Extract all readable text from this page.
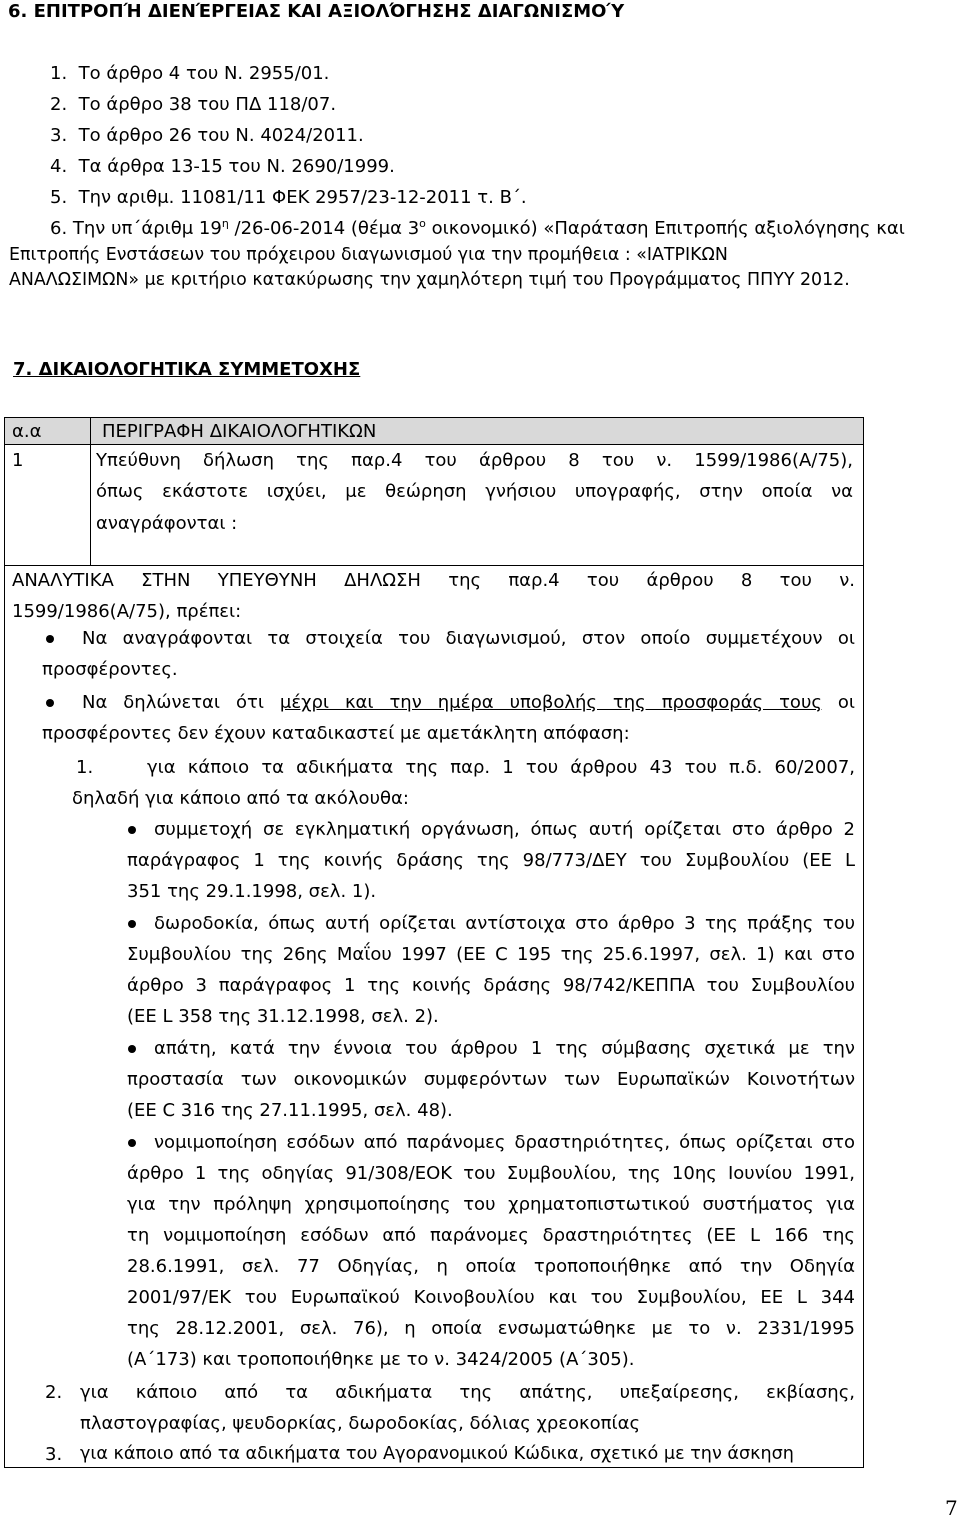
6. ΕΠΙΤΡΟΠΉ ΔΙΕΝΈΡΓΕΙΑΣ ΚΑΙ ΑΞΙΟΛΌΓΗΣΗΣ ΔΙΑΓΩΝΙΣΜΟΎ
1.  Το άρθρο 4 του Ν. 2955/01.
2.  Το άρθρο 38 του ΠΔ 118/07.
3.  Το άρθρο 26 του Ν. 4024/2011.
4.  Τα άρθρα 13-15 του Ν. 2690/1999.
5.  Την αριθμ. 11081/11 ΦΕΚ 2957/23-12-2011 τ. Β΄.
6. Την υπ΄άριθμ $19^\eta$ /26-06-2014 (θέμα $3^o$ οικονομικό) «Παράταση Επιτροπής αξιολόγησης και
Επιτροπής Ενστάσεων του πρόχειρου διαγωνισμού για την προμήθεια : «ΙΑΤΡΙΚΩΝ
ΑΝΑΛΩΣΙΜΩΝ» με κριτήριο κατακύρωσης την χαμηλότερη τιμή του Προγράμματος ΠΠΥΥ 2012.
7. ΔΙΚΑΙΟΛΟΓΗΤΙΚΑ ΣΥΜΜΕΤΟΧΗΣ
α.α	ΠΕΡΙΓΡΑΦΗ ΔΙΚΑΙΟΛΟΓΗΤΙΚΩΝ
1	Υπεύθυνη δήλωση της παρ.4 του άρθρου 8 του ν. 1599/1986(Α/75),
όπως εκάστοτε ισχύει, με θεώρηση γνήσιου υπογραφής, στην οποία να
αναγράφονται :
ΑΝΑΛΥΤΙΚΑ ΣΤΗΝ ΥΠΕΥΘΥΝΗ ΔΗΛΩΣΗ της παρ.4 του άρθρου 8 του ν.
1599/1986(Α/75), πρέπει:
Να αναγράφονται τα στοιχεία του διαγωνισμού, στον οποίο συμμετέχουν οι
προσφέροντες.
Να δηλώνεται ότι μέχρι και την ημέρα υποβολής της προσφοράς τους οι
προσφέροντες δεν έχουν καταδικαστεί με αμετάκλητη απόφαση:
1.	για κάποιο τα αδικήματα της παρ. 1 του άρθρου 43 του π.δ. 60/2007,
δηλαδή για κάποιο από τα ακόλουθα:
συμμετοχή σε εγκληματική οργάνωση, όπως αυτή ορίζεται στο άρθρο 2
παράγραφος 1 της κοινής δράσης της 98/773/ΔΕΥ του Συμβουλίου (ΕΕ L
351 της 29.1.1998, σελ. 1).
δωροδοκία, όπως αυτή ορίζεται αντίστοιχα στο άρθρο 3 της πράξης του
Συμβουλίου της 26ης Μαΐου 1997 (ΕΕ C 195 της 25.6.1997, σελ. 1) και στο
άρθρο 3 παράγραφος 1 της κοινής δράσης 98/742/ΚΕΠΠΑ του Συμβουλίου
(ΕΕ L 358 της 31.12.1998, σελ. 2).
απάτη, κατά την έννοια του άρθρου 1 της σύμβασης σχετικά με την
προστασία των οικονομικών συμφερόντων των Ευρωπαϊκών Κοινοτήτων
(ΕΕ C 316 της 27.11.1995, σελ. 48).
νομιμοποίηση εσόδων από παράνομες δραστηριότητες, όπως ορίζεται στο
άρθρο 1 της οδηγίας 91/308/ΕΟΚ του Συμβουλίου, της 10ης Ιουνίου 1991,
για την πρόληψη χρησιμοποίησης του χρηματοπιστωτικού συστήματος για
τη νομιμοποίηση εσόδων από παράνομες δραστηριότητες (ΕΕ L 166 της
28.6.1991, σελ. 77 Οδηγίας, η οποία τροποποιήθηκε από την Οδηγία
2001/97/ΕΚ του Ευρωπαϊκού Κοινοβουλίου και του Συμβουλίου, ΕΕ L 344
της 28.12.2001, σελ. 76), η οποία ενσωματώθηκε με το ν. 2331/1995
(Α΄173) και τροποποιήθηκε με το ν. 3424/2005 (Α΄305).
2. για κάποιο από τα αδικήματα της απάτης, υπεξαίρεσης, εκβίασης,
πλαστογραφίας, ψευδορκίας, δωροδοκίας, δόλιας χρεοκοπίας
3. για κάποιο από τα αδικήματα του Αγορανομικού Κώδικα, σχετικό με την άσκηση
7
